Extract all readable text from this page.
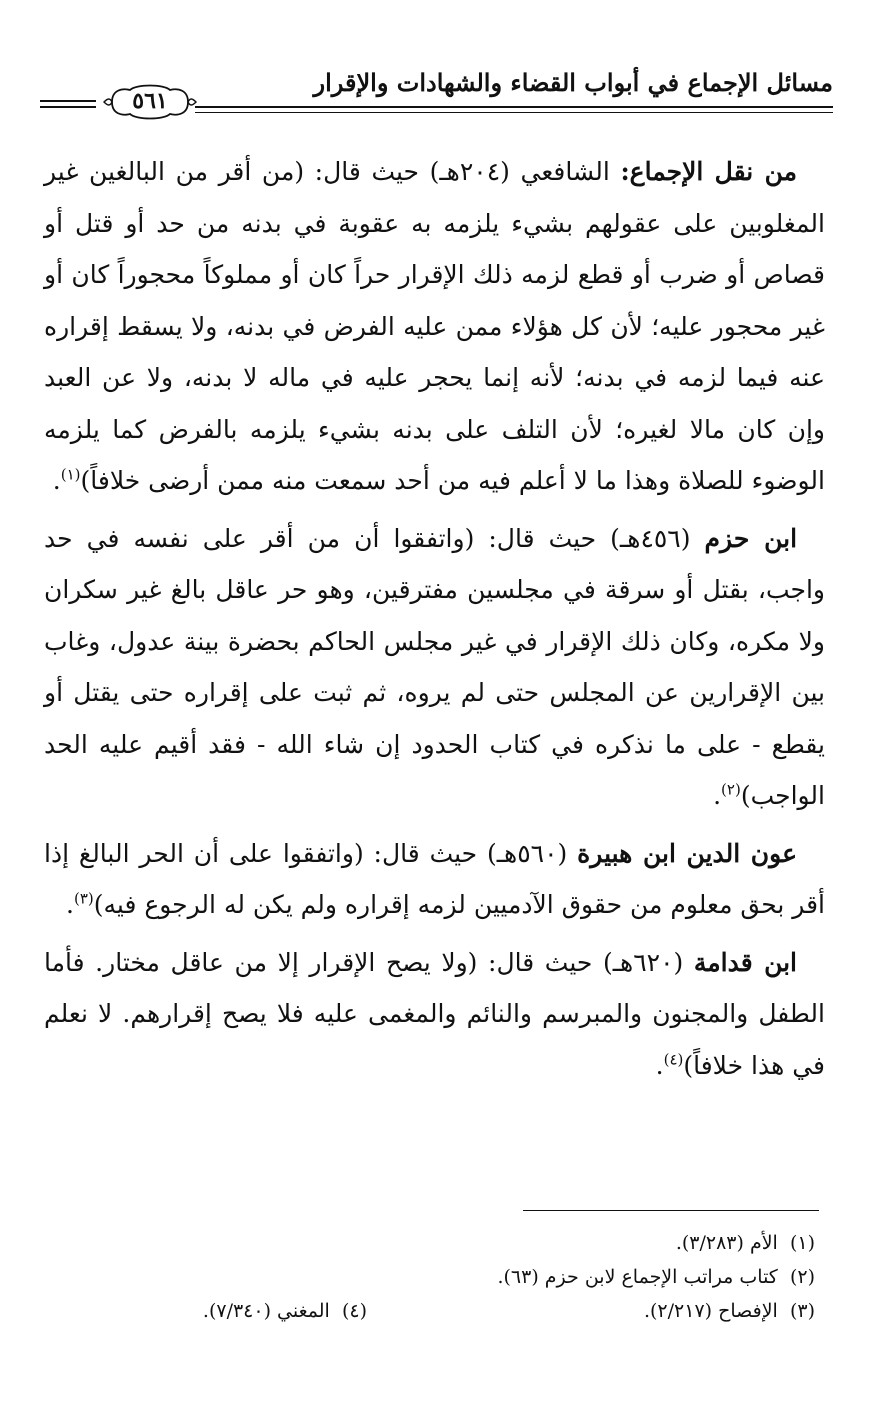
مسائل الإجماع في أبواب القضاء والشهادات والإقرار
٥٦١

من نقل الإجماع: الشافعي (٢٠٤هـ) حيث قال: (من أقر من البالغين غير المغلوبين على عقولهم بشيء يلزمه به عقوبة في بدنه من حد أو قتل أو قصاص أو ضرب أو قطع لزمه ذلك الإقرار حراً كان أو مملوكاً محجوراً كان أو غير محجور عليه؛ لأن كل هؤلاء ممن عليه الفرض في بدنه، ولا يسقط إقراره عنه فيما لزمه في بدنه؛ لأنه إنما يحجر عليه في ماله لا بدنه، ولا عن العبد وإن كان مالا لغيره؛ لأن التلف على بدنه بشيء يلزمه بالفرض كما يلزمه الوضوء للصلاة وهذا ما لا أعلم فيه من أحد سمعت منه ممن أرضى خلافاً)$^{(١)}$.

ابن حزم (٤٥٦هـ) حيث قال: (واتفقوا أن من أقر على نفسه في حد واجب، بقتل أو سرقة في مجلسين مفترقين، وهو حر عاقل بالغ غير سكران ولا مكره، وكان ذلك الإقرار في غير مجلس الحاكم بحضرة بينة عدول، وغاب بين الإقرارين عن المجلس حتى لم يروه، ثم ثبت على إقراره حتى يقتل أو يقطع - على ما نذكره في كتاب الحدود إن شاء الله - فقد أقيم عليه الحد الواجب)$^{(٢)}$.

عون الدين ابن هبيرة (٥٦٠هـ) حيث قال: (واتفقوا على أن الحر البالغ إذا أقر بحق معلوم من حقوق الآدميين لزمه إقراره ولم يكن له الرجوع فيه)$^{(٣)}$.

ابن قدامة (٦٢٠هـ) حيث قال: (ولا يصح الإقرار إلا من عاقل مختار. فأما الطفل والمجنون والمبرسم والنائم والمغمى عليه فلا يصح إقرارهم. لا نعلم في هذا خلافاً)$^{(٤)}$.

(١)  الأم (٣/٢٨٣).
(٢)  كتاب مراتب الإجماع لابن حزم (٦٣).
(٣)  الإفصاح (٢/٢١٧).
(٤)  المغني (٧/٣٤٠).
